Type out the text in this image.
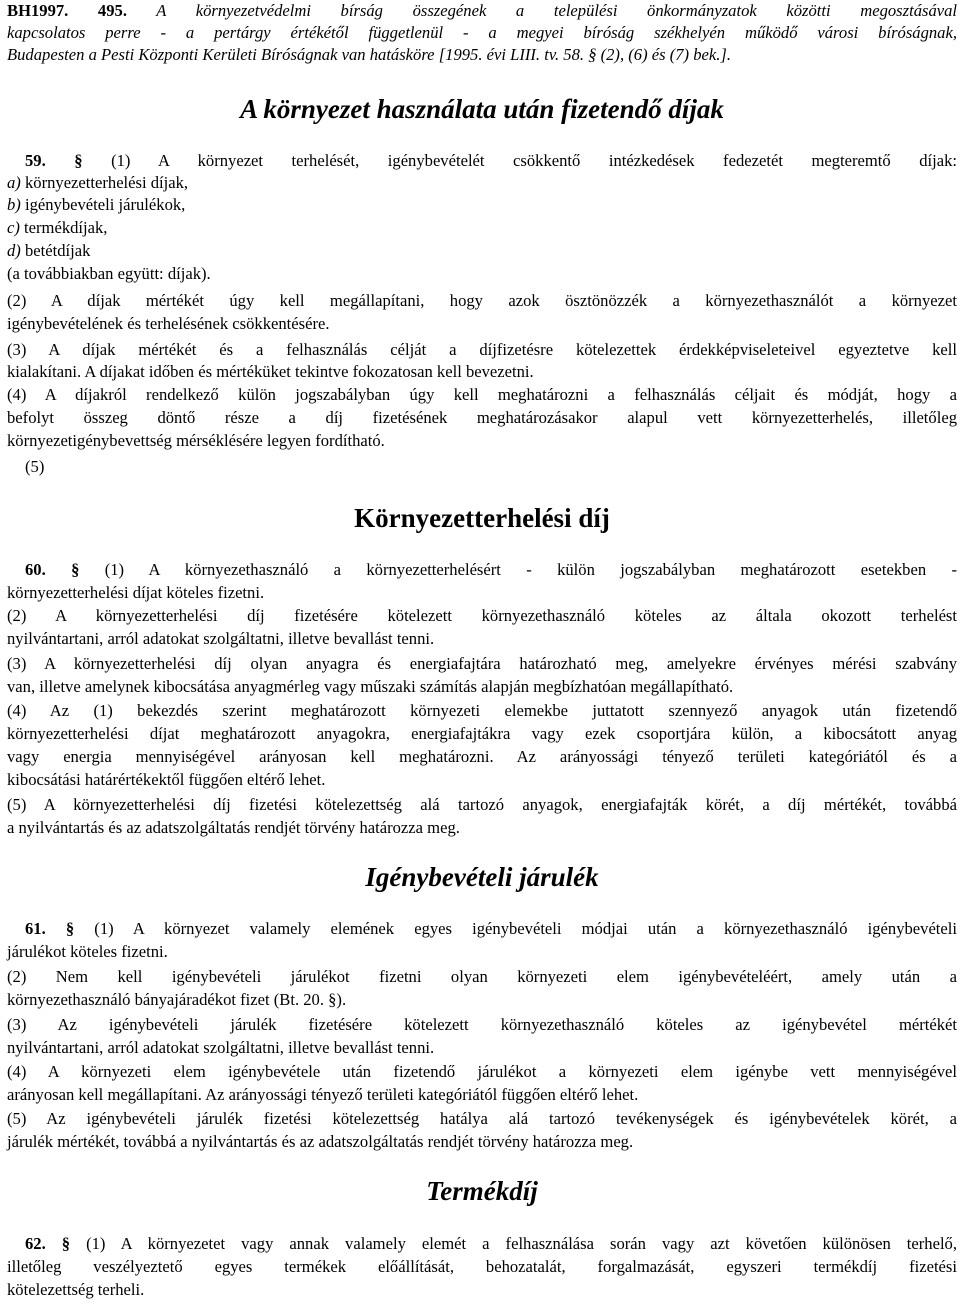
BH1997. 495. A környezetvédelmi bírság összegének a települési önkormányzatok közötti megosztásával

kapcsolatos perre - a pertárgy értékétől függetlenül - a megyei bíróság székhelyén működő városi bíróságnak,

Budapesten a Pesti Központi Kerületi Bíróságnak van hatásköre [1995. évi LIII. tv. 58. § (2), (6) és (7) bek.].

A környezet használata után fizetendő díjak

59. § (1) A környezet terhelését, igénybevételét csökkentő intézkedések fedezetét megteremtő díjak:

a) környezetterhelési díjak,

b) igénybevételi járulékok,

c) termékdíjak,

d) betétdíjak

(a továbbiakban együtt: díjak).

(2) A díjak mértékét úgy kell megállapítani, hogy azok ösztönözzék a környezethasználót a környezet

igénybevételének és terhelésének csökkentésére.

(3) A díjak mértékét és a felhasználás célját a díjfizetésre kötelezettek érdekképviseleteivel egyeztetve kell

kialakítani. A díjakat időben és mértéküket tekintve fokozatosan kell bevezetni.

(4) A díjakról rendelkező külön jogszabályban úgy kell meghatározni a felhasználás céljait és módját, hogy a

befolyt összeg döntő része a díj fizetésének meghatározásakor alapul vett környezetterhelés, illetőleg

környezetigénybevettség mérséklésére legyen fordítható.

(5)

Környezetterhelési díj

60. § (1) A környezethasználó a környezetterhelésért - külön jogszabályban meghatározott esetekben -

környezetterhelési díjat köteles fizetni.

(2) A környezetterhelési díj fizetésére kötelezett környezethasználó köteles az általa okozott terhelést

nyilvántartani, arról adatokat szolgáltatni, illetve bevallást tenni.

(3) A környezetterhelési díj olyan anyagra és energiafajtára határozható meg, amelyekre érvényes mérési szabvány

van, illetve amelynek kibocsátása anyagmérleg vagy műszaki számítás alapján megbízhatóan megállapítható.

(4) Az (1) bekezdés szerint meghatározott környezeti elemekbe juttatott szennyező anyagok után fizetendő

környezetterhelési díjat meghatározott anyagokra, energiafajtákra vagy ezek csoportjára külön, a kibocsátott anyag

vagy energia mennyiségével arányosan kell meghatározni. Az arányossági tényező területi kategóriától és a

kibocsátási határértékektől függően eltérő lehet.

(5) A környezetterhelési díj fizetési kötelezettség alá tartozó anyagok, energiafajták körét, a díj mértékét, továbbá

a nyilvántartás és az adatszolgáltatás rendjét törvény határozza meg.

Igénybevételi járulék

61. § (1) A környezet valamely elemének egyes igénybevételi módjai után a környezethasználó igénybevételi

járulékot köteles fizetni.

(2) Nem kell igénybevételi járulékot fizetni olyan környezeti elem igénybevételéért, amely után a

környezethasználó bányajáradékot fizet (Bt. 20. §).

(3) Az igénybevételi járulék fizetésére kötelezett környezethasználó köteles az igénybevétel mértékét

nyilvántartani, arról adatokat szolgáltatni, illetve bevallást tenni.

(4) A környezeti elem igénybevétele után fizetendő járulékot a környezeti elem igénybe vett mennyiségével

arányosan kell megállapítani. Az arányossági tényező területi kategóriától függően eltérő lehet.

(5) Az igénybevételi járulék fizetési kötelezettség hatálya alá tartozó tevékenységek és igénybevételek körét, a

járulék mértékét, továbbá a nyilvántartás és az adatszolgáltatás rendjét törvény határozza meg.

Termékdíj

62. § (1) A környezetet vagy annak valamely elemét a felhasználása során vagy azt követően különösen terhelő,

illetőleg veszélyeztető egyes termékek előállítását, behozatalát, forgalmazását, egyszeri termékdíj fizetési

kötelezettség terheli.
